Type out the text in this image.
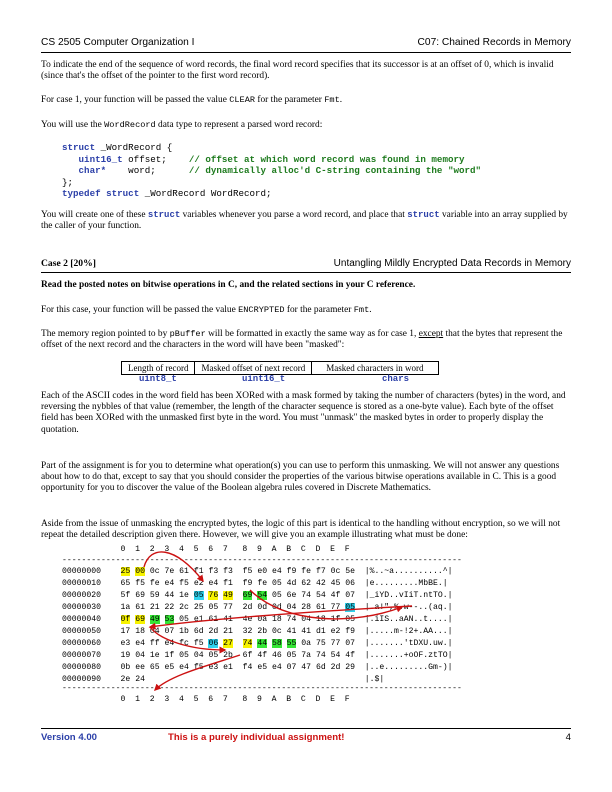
CS 2505 Computer Organization I	C07: Chained Records in Memory
To indicate the end of the sequence of word records, the final word record specifies that its successor is at an offset of 0, which is invalid (since that's the offset of the pointer to the first word record).
For case 1, your function will be passed the value CLEAR for the parameter Fmt.
You will use the WordRecord data type to represent a parsed word record:
struct _WordRecord {
uint16_t offset;    // offset at which word record was found in memory
char*    word;      // dynamically alloc'd C-string containing the "word"
};
typedef struct _WordRecord WordRecord;
You will create one of these struct variables whenever you parse a word record, and place that struct variable into an array supplied by the caller of your function.
Case 2 [20%]	Untangling Mildly Encrypted Data Records in Memory
Read the posted notes on bitwise operations in C, and the related sections in your C reference.
For this case, your function will be passed the value ENCRYPTED for the parameter Fmt.
The memory region pointed to by pBuffer will be formatted in exactly the same way as for case 1, except that the bytes that represent the offset of the next record and the characters in the word will have been "masked":
Length of record	Masked offset of next record	Masked characters in word
uint8_t	uint16_t	chars
Each of the ASCII codes in the word field has been XORed with a mask formed by taking the number of characters (bytes) in the word, and reversing the nybbles of that value (remember, the length of the character sequence is stored as a one-byte value). Each byte of the offset field has been XORed with the unmasked first byte in the word. You must "unmask" the masked bytes in order to properly display the quotation.
Part of the assignment is for you to determine what operation(s) you can use to perform this unmasking. We will not answer any questions about how to do that, except to say that you should consider the properties of the various bitwise operations available in C. This is a good opportunity for you to discover the value of the Boolean algebra rules covered in Discrete Mathematics.
Aside from the issue of unmasking the encrypted bytes, the logic of this part is identical to the handling without encryption, so we will not repeat the detailed description given there. However, we will give you an example illustrating what must be done:
0  1  2  3  4  5  6  7   8  9  A  B  C  D  E  F
----------------------------------------------------------------------------------
00000000 25 00 0c 7e 61 f1 f3 f3 f5 e0 e4 f9 fe f7 0c 5e |%..~a..........^|
00000010 65 f5 fe e4 f5 e2 e4 f1 f9 fe 05 4d 62 42 45 06 |e.........MbBE.|
00000020 5f 69 59 44 1e 05 76 49 69 54 05 6e 74 54 4f 07 |_iYD..vIiT.ntTO.|
00000030 1a 61 21 22 2c 25 05 77 2d 0d 0d 04 28 61 77 05 |.a!",%.w--..(aq.|
00000040 0f 69 49 53 05 e1 61 41 4e 0a 18 74 04 18 1f 05 |.iIS..aAN..t....|
00000050 17 18 04 07 1b 6d 2d 21 32 2b 0c 41 41 d1 e2 f9 |.....m-!2+.AA...|
00000060 e3 e4 ff e4 fc f5 06 27 74 44 58 55 0a 75 77 07 |.......'tDXU.uw.|
00000070 19 04 1e 1f 05 04 05 2b 6f 4f 46 05 7a 74 54 4f |.......+oOF.ztTO|
00000080 0b ee 65 e5 e4 f5 e3 e1 f4 e5 e4 07 47 6d 2d 29 |..e.........Gm-)|
00000090 2e 24	|.$|
----------------------------------------------------------------------------------
0  1  2  3  4  5  6  7   8  9  A  B  C  D  E  F
Version 4.00	This is a purely individual assignment!	4
